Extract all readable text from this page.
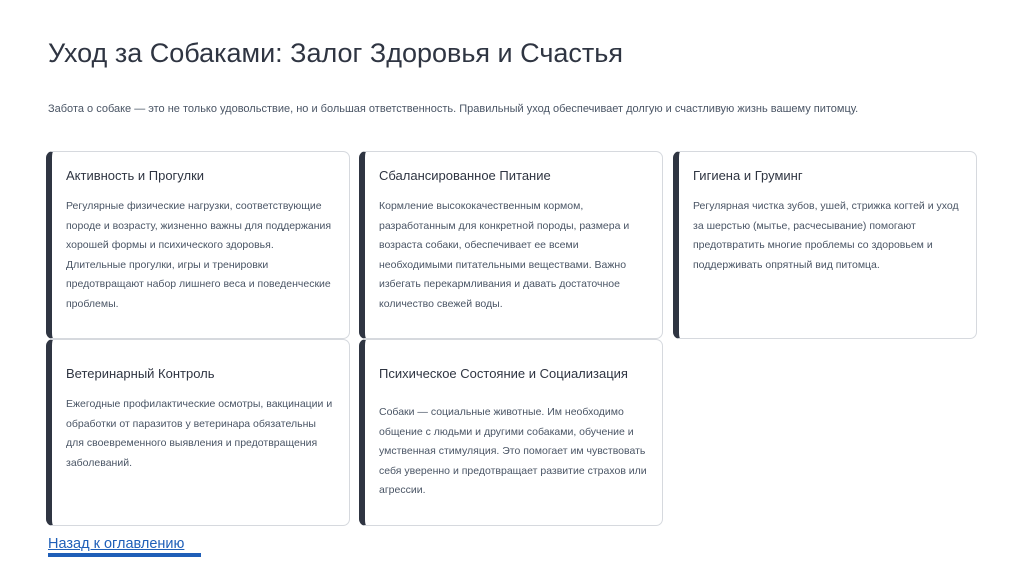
Уход за Собаками: Залог Здоровья и Счастья

Забота о собаке — это не только удовольствие, но и большая ответственность. Правильный уход обеспечивает долгую и счастливую жизнь вашему питомцу.

Активность и Прогулки

Регулярные физические нагрузки, соответствующие породе и возрасту, жизненно важны для поддержания хорошей формы и психического здоровья. Длительные прогулки, игры и тренировки предотвращают набор лишнего веса и поведенческие проблемы.

Сбалансированное Питание

Кормление высококачественным кормом, разработанным для конкретной породы, размера и возраста собаки, обеспечивает ее всеми необходимыми питательными веществами. Важно избегать перекармливания и давать достаточное количество свежей воды.

Гигиена и Груминг

Регулярная чистка зубов, ушей, стрижка когтей и уход за шерстью (мытье, расчесывание) помогают предотвратить многие проблемы со здоровьем и поддерживать опрятный вид питомца.

Ветеринарный Контроль

Ежегодные профилактические осмотры, вакцинации и обработки от паразитов у ветеринара обязательны для своевременного выявления и предотвращения заболеваний.

Психическое Состояние и Социализация

Собаки — социальные животные. Им необходимо общение с людьми и другими собаками, обучение и умственная стимуляция. Это помогает им чувствовать себя уверенно и предотвращает развитие страхов или агрессии.

Назад к оглавлению
